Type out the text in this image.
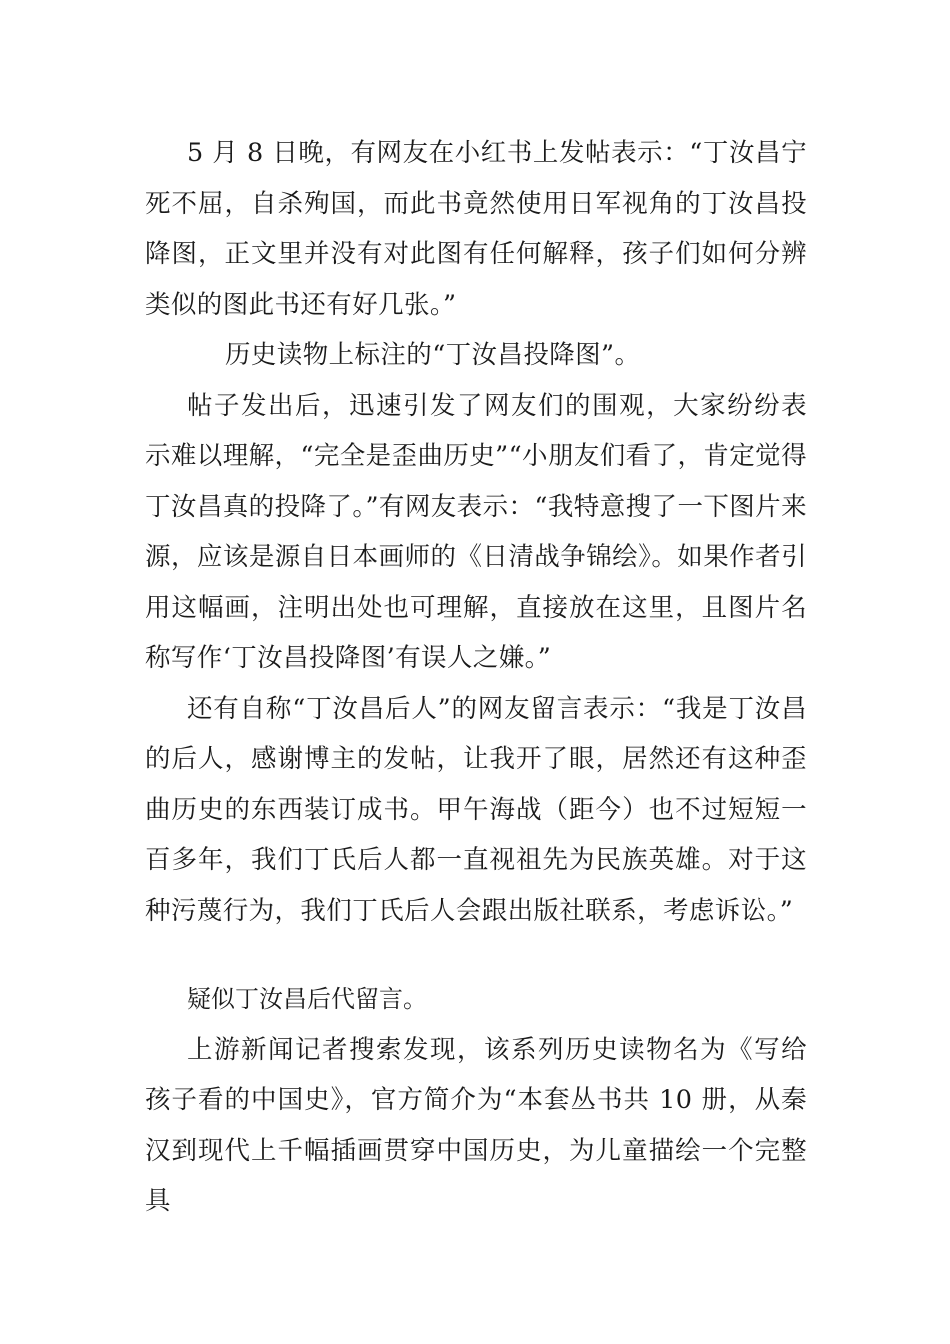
5 月 8 日晚，有网友在小红书上发帖表示：“丁汝昌宁死不屈，自杀殉国，而此书竟然使用日军视角的丁汝昌投降图，正文里并没有对此图有任何解释，孩子们如何分辨类似的图此书还有好几张。”

历史读物上标注的“丁汝昌投降图”。

帖子发出后，迅速引发了网友们的围观，大家纷纷表示难以理解，“完全是歪曲历史”“小朋友们看了，肯定觉得丁汝昌真的投降了。”有网友表示：“我特意搜了一下图片来源，应该是源自日本画师的《日清战争锦绘》。如果作者引用这幅画，注明出处也可理解，直接放在这里，且图片名称写作‘丁汝昌投降图’有误人之嫌。”

还有自称“丁汝昌后人”的网友留言表示：“我是丁汝昌的后人，感谢博主的发帖，让我开了眼，居然还有这种歪曲历史的东西装订成书。甲午海战（距今）也不过短短一百多年，我们丁氏后人都一直视祖先为民族英雄。对于这种污蔑行为，我们丁氏后人会跟出版社联系，考虑诉讼。”

疑似丁汝昌后代留言。

上游新闻记者搜索发现，该系列历史读物名为《写给孩子看的中国史》，官方简介为“本套丛书共 10 册，从秦汉到现代上千幅插画贯穿中国历史，为儿童描绘一个完整具
